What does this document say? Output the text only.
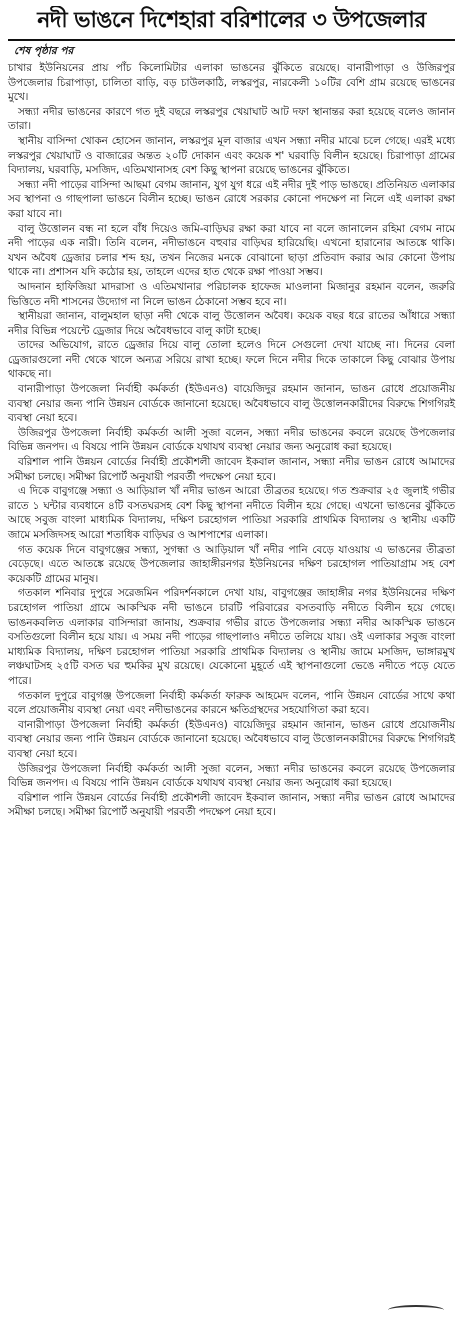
নদী ভাঙনে দিশেহারা বরিশালের ৩ উপজেলার
শেষ পৃষ্ঠার পর

চাখার ইউনিয়নের প্রায় পাঁচ কিলোমিটার এলাকা ভাঙনের ঝুঁকিতে রয়েছে। বানারীপাড়া ও উজিরপুর উপজেলার চিরাপাড়া, চালিতা বাড়ি, বড় চাউলকাঠি, লস্করপুর, নারকেলী ১০টির বেশি গ্রাম রয়েছে ভাঙনের মুখে।

সন্ধ্যা নদীর ভাঙনের কারণে গত দুই বছরে লস্করপুর খেয়াঘাট আট দফা স্থানান্তর করা হয়েছে বলেও জানান তারা।

স্থানীয় বাসিন্দা খোকন হোসেন জানান, লস্করপুর মূল বাজার এখন সন্ধ্যা নদীর মাঝে চলে গেছে। এরই মধ্যে লস্করপুর খেয়াঘাট ও বাজারের অন্তত ২০টি দোকান এবং কয়েক শ' ঘরবাড়ি বিলীন হয়েছে। চিরাপাড়া গ্রামের বিদ্যালয়, ঘরবাড়ি, মসজিদ, এতিমখানাসহ বেশ কিছু স্থাপনা রয়েছে ভাঙনের ঝুঁকিতে।

সন্ধ্যা নদী পাড়ের বাসিন্দা আছমা বেগম জানান, যুগ যুগ ধরে এই নদীর দুই পাড় ভাঙছে। প্রতিনিয়ত এলাকার সব স্থাপনা ও গাছপালা ভাঙনে বিলীন হচ্ছে। ভাঙন রোধে সরকার কোনো পদক্ষেপ না নিলে এই এলাকা রক্ষা করা যাবে না।

বালু উত্তোলন বন্ধ না হলে বাঁধ দিয়েও জমি-বাড়িঘর রক্ষা করা যাবে না বলে জানালেন রহিমা বেগম নামে নদী পাড়ের এক নারী। তিনি বলেন, নদীভাঙনে বহুবার বাড়িঘর হারিয়েছি। এখনো হারানোর আতঙ্কে থাকি। যখন অবৈধ ড্রেজার চলার শব্দ হয়, তখন নিজের মনকে বোঝানো ছাড়া প্রতিবাদ করার আর কোনো উপায় থাকে না। প্রশাসন যদি কঠোর হয়, তাহলে এদের হাত থেকে রক্ষা পাওয়া সম্ভব।

আদনান হাফিজিয়া মাদরাসা ও এতিমখানার পরিচালক হাফেজ মাওলানা মিজানুর রহমান বলেন, জরুরি ভিত্তিতে নদী শাসনের উদ্যোগ না নিলে ভাঙন ঠেকানো সম্ভব হবে না।

স্থানীয়রা জানান, বালুমহাল ছাড়া নদী থেকে বালু উত্তোলন অবৈধ। কয়েক বছর ধরে রাতের আঁধারে সন্ধ্যা নদীর বিভিন্ন পয়েন্টে ড্রেজার দিয়ে অবৈধভাবে বালু কাটা হচ্ছে।

তাদের অভিযোগ, রাতে ড্রেজার দিয়ে বালু তোলা হলেও দিনে সেগুলো দেখা যাচ্ছে না। দিনের বেলা ড্রেজারগুলো নদী থেকে খালে অন্যত্র সরিয়ে রাখা হচ্ছে। ফলে দিনে নদীর দিকে তাকালে কিছু বোঝার উপায় থাকছে না।

বানারীপাড়া উপজেলা নির্বাহী কর্মকর্তা (ইউএনও) বায়েজিদুর রহমান জানান, ভাঙন রোধে প্রয়োজনীয় ব্যবস্থা নেয়ার জন্য পানি উন্নয়ন বোর্ডকে জানানো হয়েছে। অবৈধভাবে বালু উত্তোলনকারীদের বিরুদ্ধে শিগগিরই ব্যবস্থা নেয়া হবে।

উজিরপুর উপজেলা নির্বাহী কর্মকর্তা আলী সুজা বলেন, সন্ধ্যা নদীর ভাঙনের কবলে রয়েছে উপজেলার বিভিন্ন জনপদ। এ বিষয়ে পানি উন্নয়ন বোর্ডকে যথাযথ ব্যবস্থা নেয়ার জন্য অনুরোধ করা হয়েছে।

বরিশাল পানি উন্নয়ন বোর্ডের নির্বাহী প্রকৌশলী জাবেদ ইকবাল জানান, সন্ধ্যা নদীর ভাঙন রোধে আমাদের সমীক্ষা চলছে। সমীক্ষা রিপোর্ট অনুযায়ী পরবর্তী পদক্ষেপ নেয়া হবে।

এ দিকে বাবুগঞ্জে সন্ধ্যা ও আড়িয়াল খাঁ নদীর ভাঙন আরো তীব্রতর হয়েছে। গত শুক্রবার ২৫ জুলাই গভীর রাতে ১ ঘন্টার ব্যবধানে ৪টি বসতঘরসহ বেশ কিছু স্থাপনা নদীতে বিলীন হয়ে গেছে। এখনো ভাঙনের ঝুঁকিতে আছে সবুজ বাংলা মাধ্যমিক বিদ্যালয়, দক্ষিণ চরহোগল পাতিয়া সরকারি প্রাথমিক বিদ্যালয় ও স্থানীয় একটি জামে মসজিদসহ আরো শতাধিক বাড়িঘর ও আশপাশের এলাকা।

গত কয়েক দিনে বাবুগঞ্জের সন্ধ্যা, সুগন্ধা ও আড়িয়াল খাঁ নদীর পানি বেড়ে যাওয়ায় এ ভাঙনের তীব্রতা বেড়েছে। এতে আতঙ্কে রয়েছে উপজেলার জাহাঙ্গীরনগর ইউনিয়নের দক্ষিণ চরহোগল পাতিয়াগ্রাম সহ বেশ কয়েকটি গ্রামের মানুষ।

গতকাল শনিবার দুপুরে সরেজমিন পরিদর্শনকালে দেখা যায়, বাবুগঞ্জের জাহাঙ্গীর নগর ইউনিয়নের দক্ষিণ চরহোগল পাতিয়া গ্রামে আকস্মিক নদী ভাঙনে চারটি পরিবারের বসতবাড়ি নদীতে বিলীন হয়ে গেছে। ভাঙনকবলিত এলাকার বাসিন্দারা জানায়, শুক্রবার গভীর রাতে উপজেলার সন্ধ্যা নদীর আকস্মিক ভাঙনে বসতিগুলো বিলীন হয়ে যায়। এ সময় নদী পাড়ের গাছপালাও নদীতে তলিয়ে যায়। ওই এলাকার সবুজ বাংলা মাধ্যমিক বিদ্যালয়, দক্ষিণ চরহোগল পাতিয়া সরকারি প্রাথমিক বিদ্যালয় ও স্থানীয় জামে মসজিদ, ভাঙ্গারমুখ লঞ্চঘাটসহ ২৫টি বসত ঘর হুমকির মুখ রয়েছে। যেকোনো মুহূর্তে এই স্থাপনাগুলো ভেঙে নদীতে পড়ে যেতে পারে।

গতকাল দুপুরে বাবুগঞ্জ উপজেলা নির্বাহী কর্মকর্তা ফারুক আহমেদ বলেন, পানি উন্নয়ন বোর্ডের সাথে কথা বলে প্রয়োজনীয় ব্যবস্থা নেয়া এবং নদীভাঙনের কারনে ক্ষতিগ্রস্থদের সহযোগিতা করা হবে।

বানারীপাড়া উপজেলা নির্বাহী কর্মকর্তা (ইউএনও) বায়েজিদুর রহমান জানান, ভাঙন রোধে প্রয়োজনীয় ব্যবস্থা নেয়ার জন্য পানি উন্নয়ন বোর্ডকে জানানো হয়েছে। অবৈধভাবে বালু উত্তোলনকারীদের বিরুদ্ধে শিগগিরই ব্যবস্থা নেয়া হবে।

উজিরপুর উপজেলা নির্বাহী কর্মকর্তা আলী সুজা বলেন, সন্ধ্যা নদীর ভাঙনের কবলে রয়েছে উপজেলার বিভিন্ন জনপদ। এ বিষয়ে পানি উন্নয়ন বোর্ডকে যথাযথ ব্যবস্থা নেয়ার জন্য অনুরোধ করা হয়েছে।

বরিশাল পানি উন্নয়ন বোর্ডের নির্বাহী প্রকৌশলী জাবেদ ইকবাল জানান, সন্ধ্যা নদীর ভাঙন রোধে আমাদের সমীক্ষা চলছে। সমীক্ষা রিপোর্ট অনুযায়ী পরবর্তী পদক্ষেপ নেয়া হবে।
